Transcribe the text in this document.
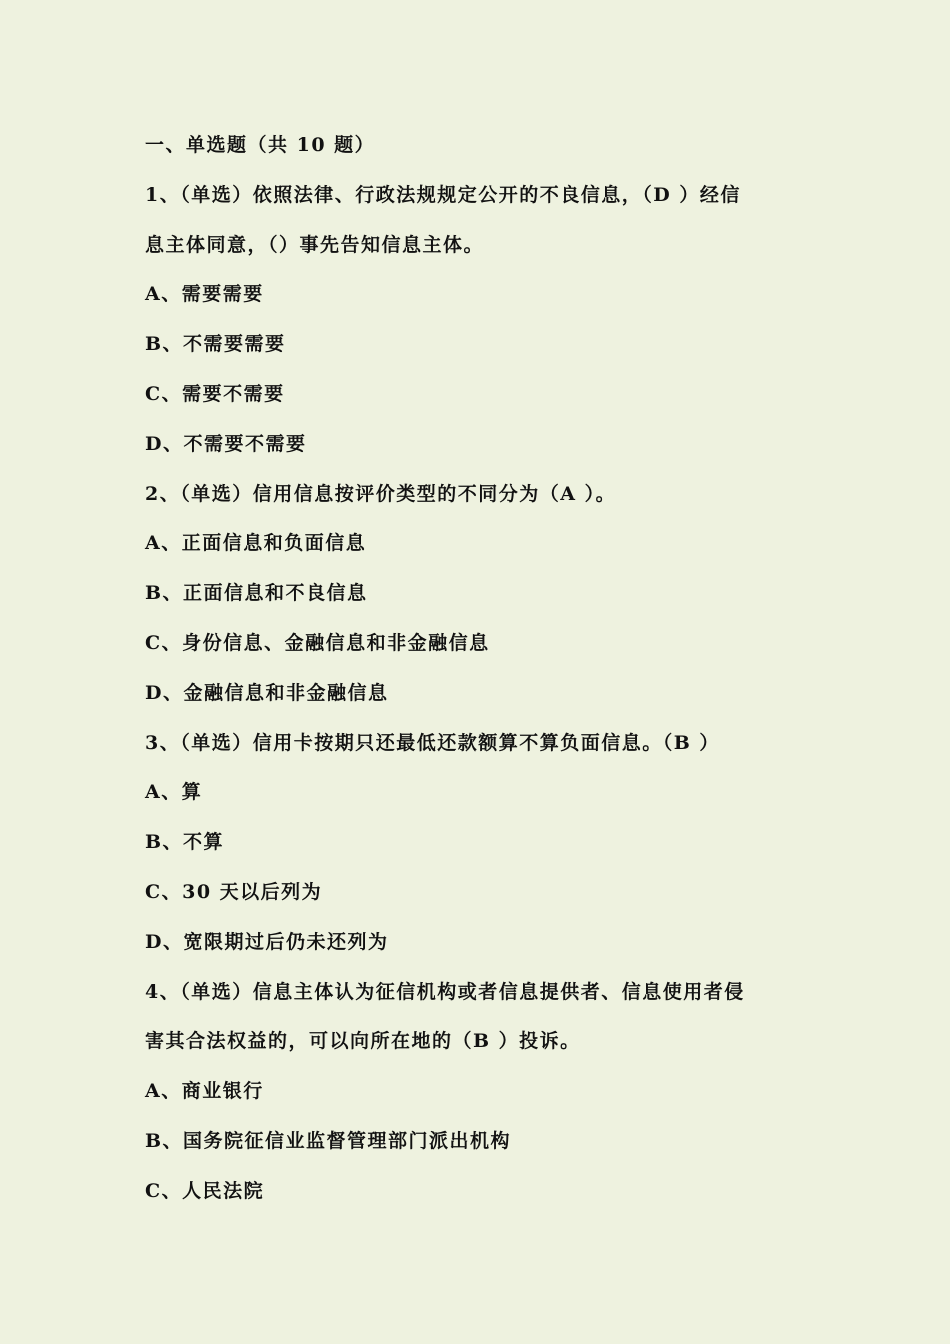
一、单选题（共 10 题）
1、（单选）依照法律、行政法规规定公开的不良信息，（D ）经信
息主体同意，（）事先告知信息主体。
A、需要需要
B、不需要需要
C、需要不需要
D、不需要不需要
2、（单选）信用信息按评价类型的不同分为（A ）。
A、正面信息和负面信息
B、正面信息和不良信息
C、身份信息、金融信息和非金融信息
D、金融信息和非金融信息
3、（单选）信用卡按期只还最低还款额算不算负面信息。（B ）
A、算
B、不算
C、30 天以后列为
D、宽限期过后仍未还列为
4、（单选）信息主体认为征信机构或者信息提供者、信息使用者侵
害其合法权益的，可以向所在地的（B ）投诉。
A、商业银行
B、国务院征信业监督管理部门派出机构
C、人民法院
